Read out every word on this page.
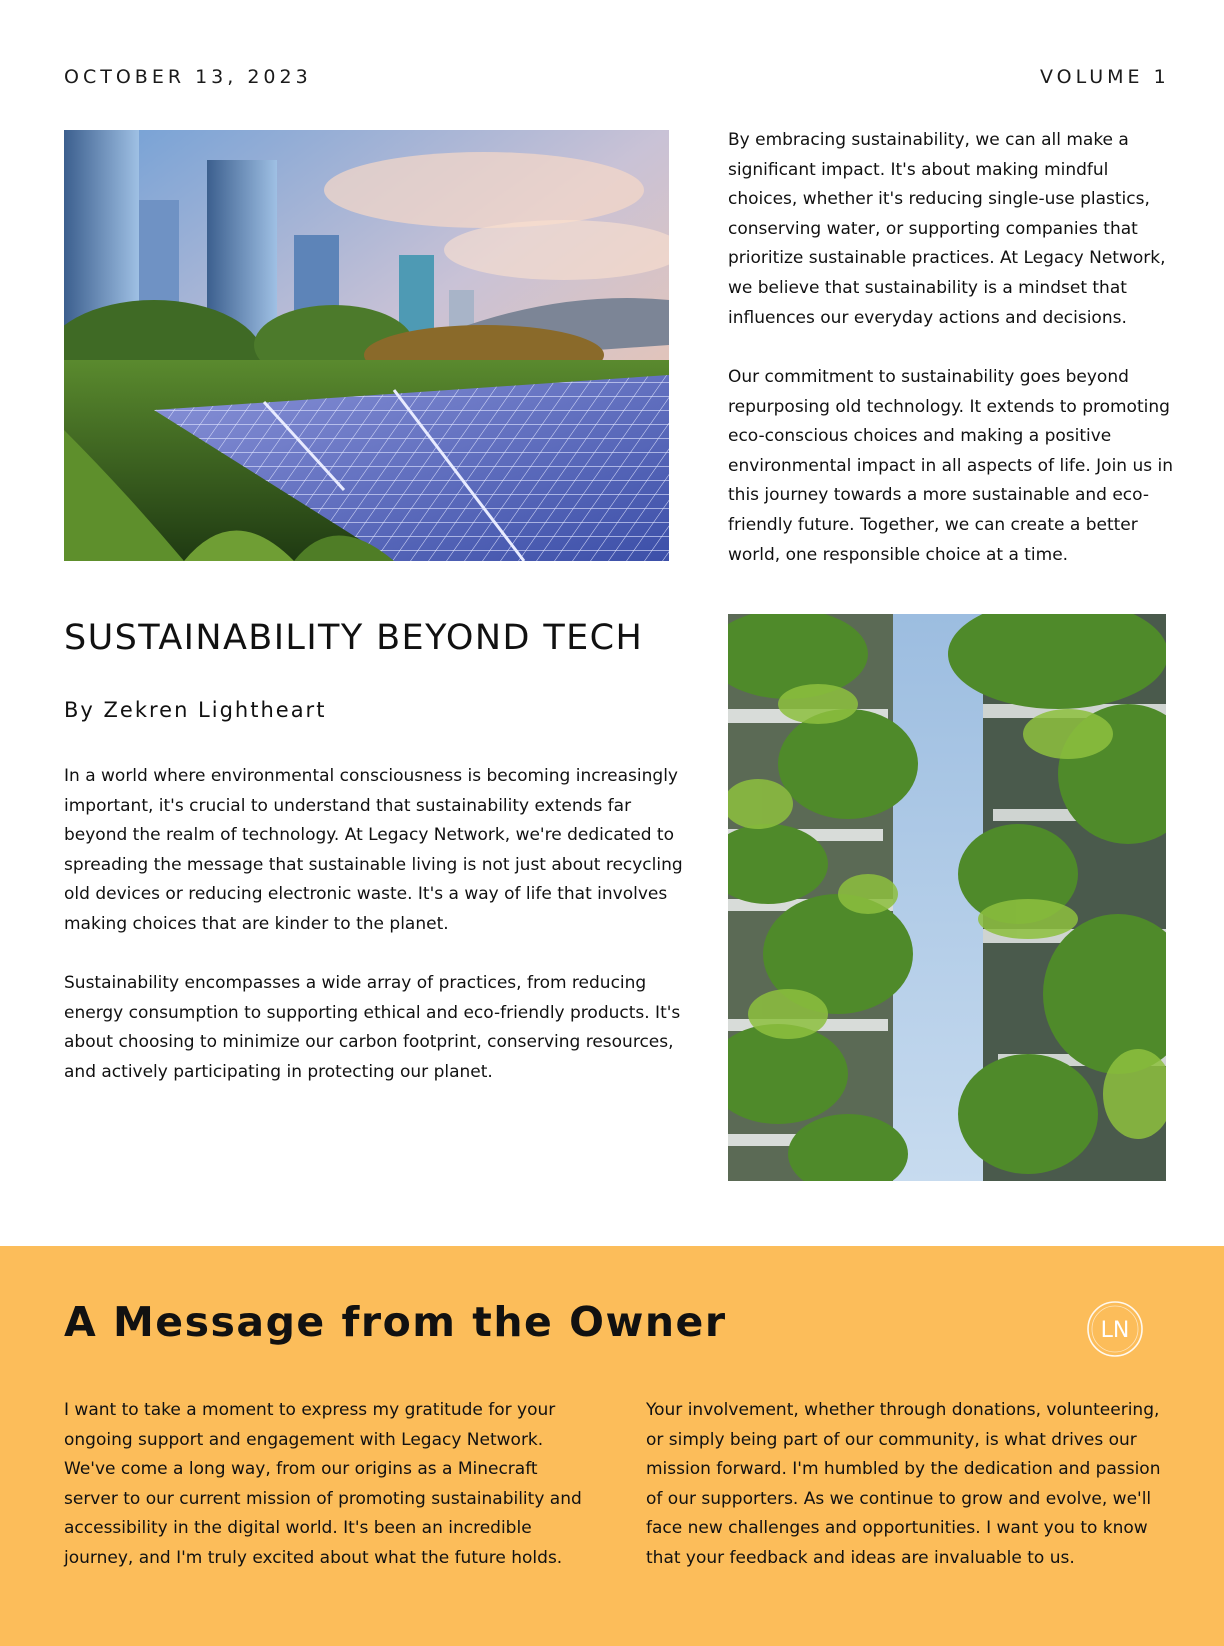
OCTOBER 13, 2023	VOLUME 1
By embracing sustainability, we can all make a significant impact. It's about making mindful choices, whether it's reducing single-use plastics, conserving water, or supporting companies that prioritize sustainable practices. At Legacy Network, we believe that sustainability is a mindset that influences our everyday actions and decisions.
Our commitment to sustainability goes beyond repurposing old technology. It extends to promoting eco-conscious choices and making a positive environmental impact in all aspects of life. Join us in this journey towards a more sustainable and eco-friendly future. Together, we can create a better world, one responsible choice at a time.
SUSTAINABILITY BEYOND TECH
By Zekren Lightheart
In a world where environmental consciousness is becoming increasingly important, it's crucial to understand that sustainability extends far beyond the realm of technology. At Legacy Network, we're dedicated to spreading the message that sustainable living is not just about recycling old devices or reducing electronic waste. It's a way of life that involves making choices that are kinder to the planet.
Sustainability encompasses a wide array of practices, from reducing energy consumption to supporting ethical and eco-friendly products. It's about choosing to minimize our carbon footprint, conserving resources, and actively participating in protecting our planet.
A Message from the Owner	LN
I want to take a moment to express my gratitude for your ongoing support and engagement with Legacy Network. We've come a long way, from our origins as a Minecraft server to our current mission of promoting sustainability and accessibility in the digital world. It's been an incredible journey, and I'm truly excited about what the future holds.
Your involvement, whether through donations, volunteering, or simply being part of our community, is what drives our mission forward. I'm humbled by the dedication and passion of our supporters. As we continue to grow and evolve, we'll face new challenges and opportunities. I want you to know that your feedback and ideas are invaluable to us.
